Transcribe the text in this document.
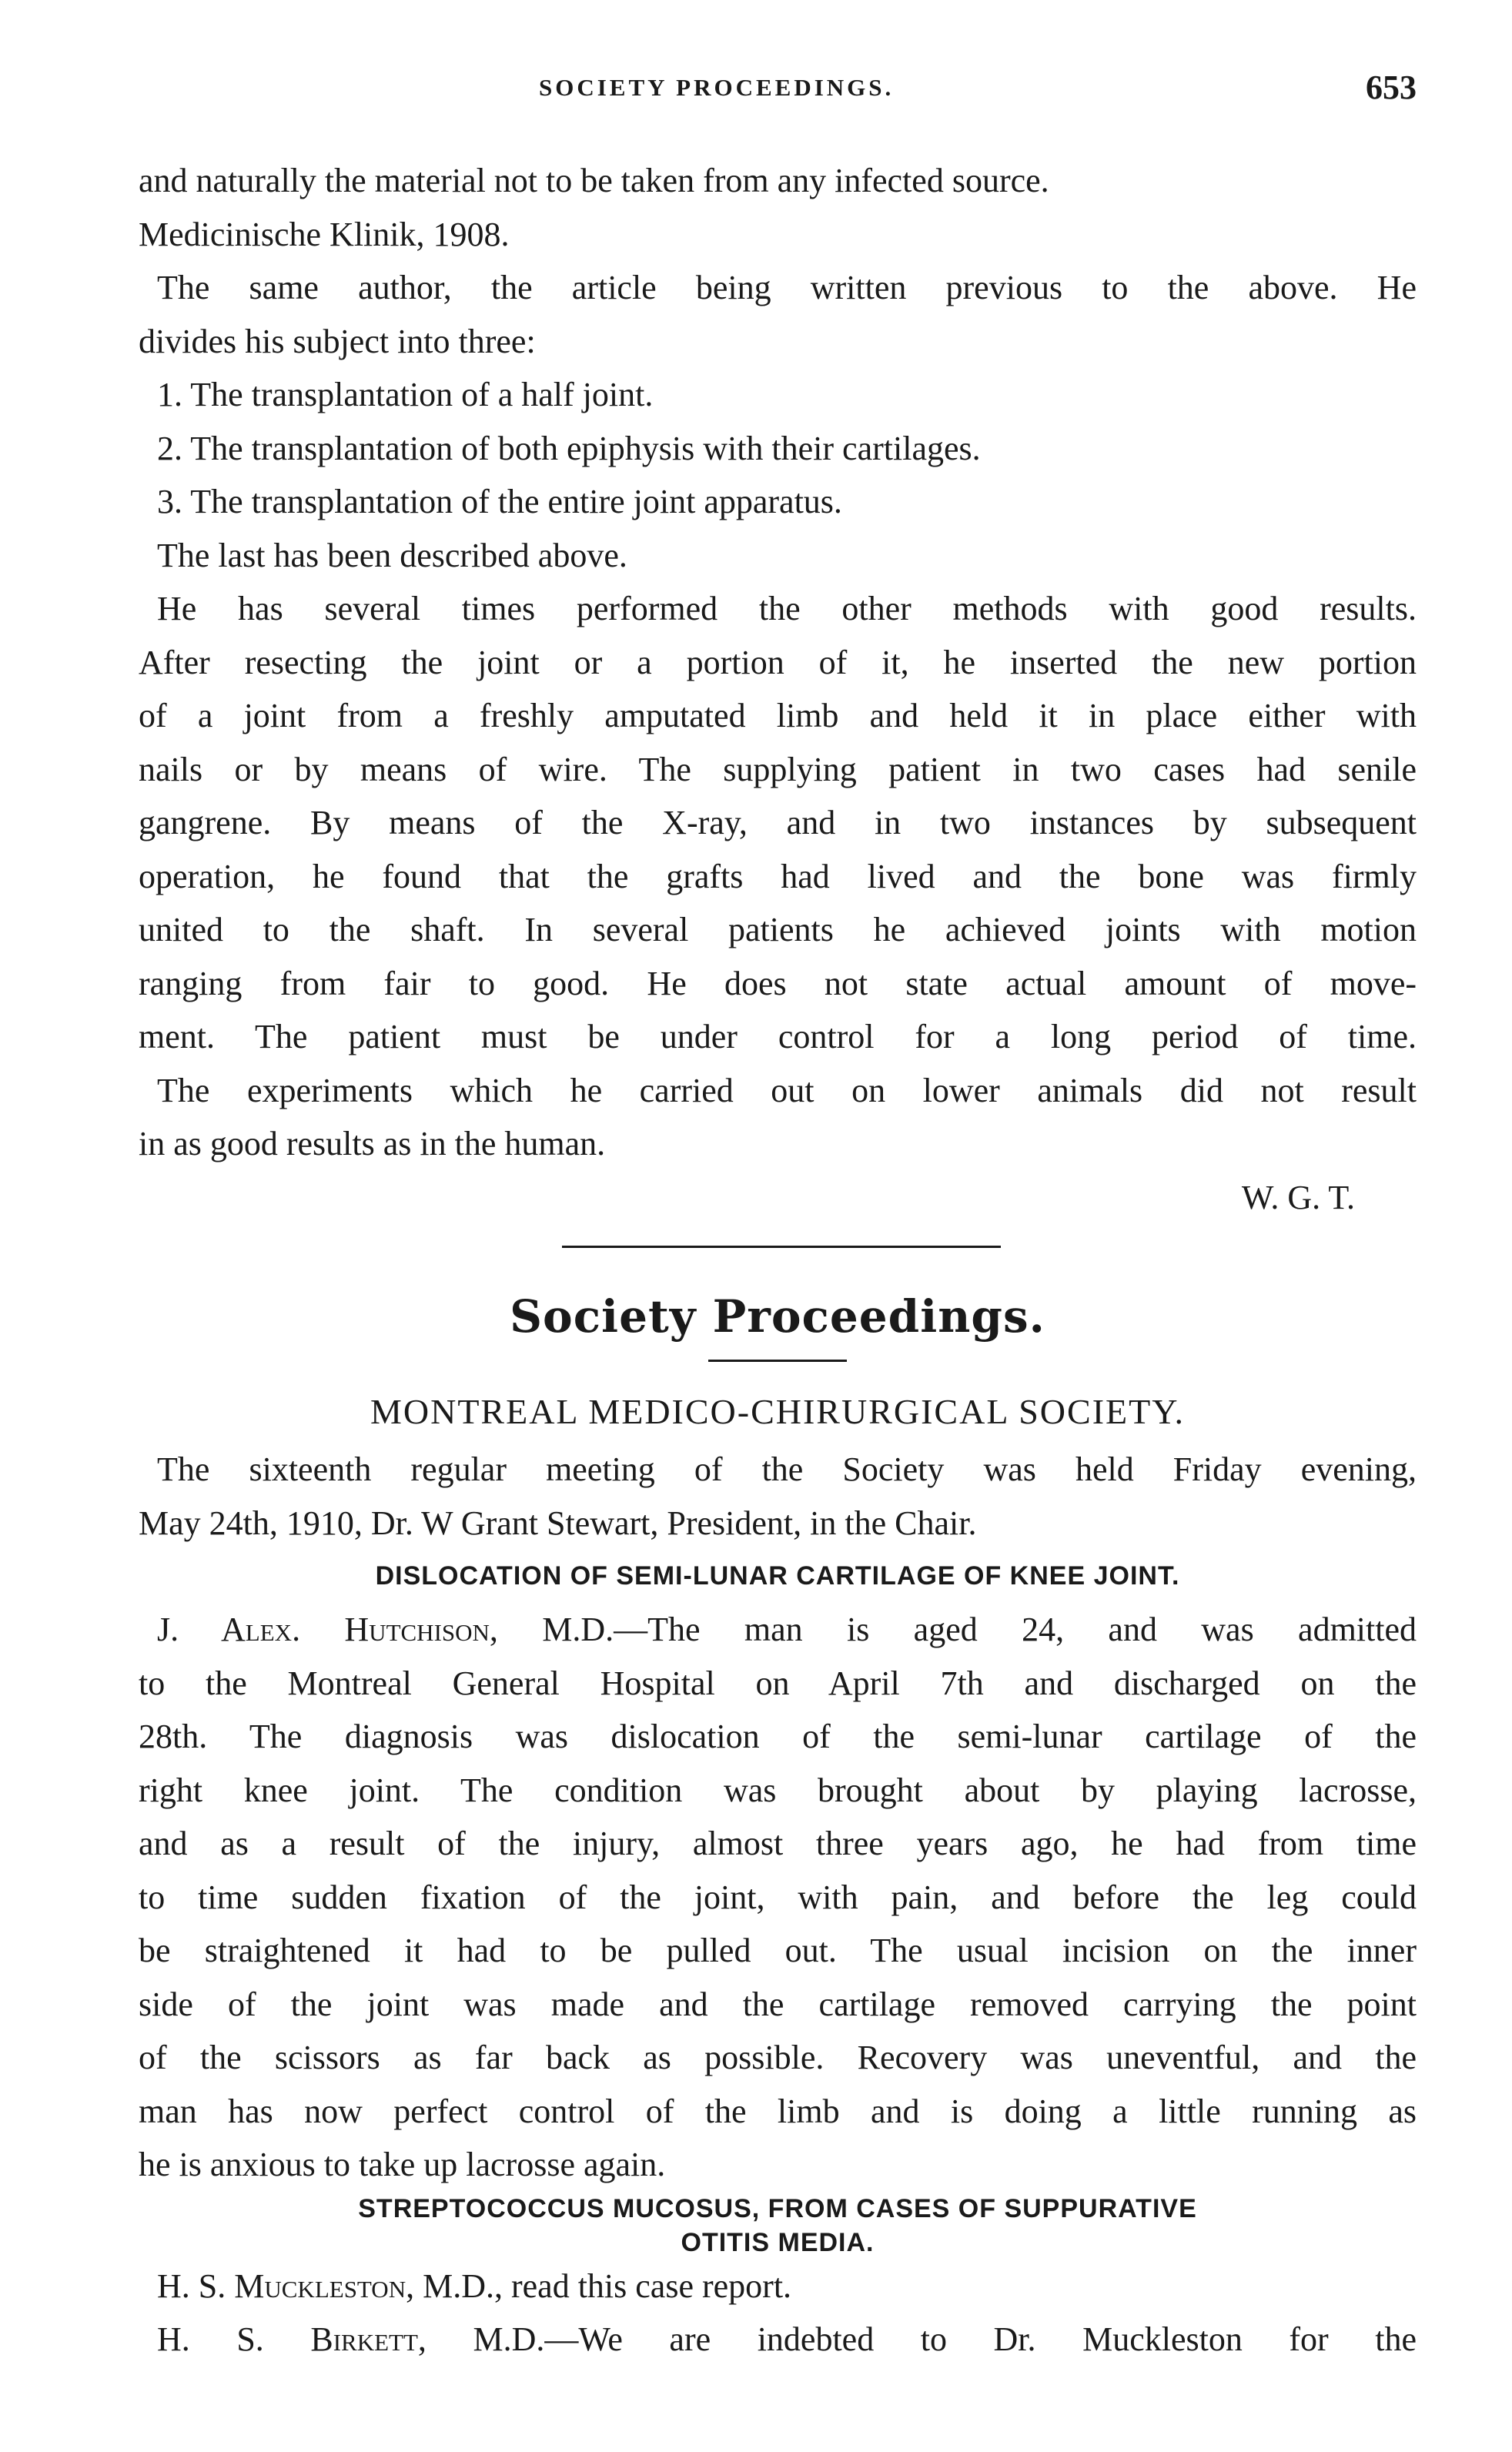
SOCIETY PROCEEDINGS.	653
and naturally the material not to be taken from any infected source.
Medicinische Klinik, 1908.
The same author, the article being written previous to the above. He
divides his subject into three:
1. The transplantation of a half joint.
2. The transplantation of both epiphysis with their cartilages.
3. The transplantation of the entire joint apparatus.
The last has been described above.
He has several times performed the other methods with good results.
After resecting the joint or a portion of it, he inserted the new portion
of a joint from a freshly amputated limb and held it in place either with
nails or by means of wire. The supplying patient in two cases had senile
gangrene. By means of the X-ray, and in two instances by subsequent
operation, he found that the grafts had lived and the bone was firmly
united to the shaft. In several patients he achieved joints with motion
ranging from fair to good. He does not state actual amount of move-
ment. The patient must be under control for a long period of time.
The experiments which he carried out on lower animals did not result
in as good results as in the human.
W. G. T.
Society Proceedings.
MONTREAL MEDICO-CHIRURGICAL SOCIETY.
The sixteenth regular meeting of the Society was held Friday evening,
May 24th, 1910, Dr. W Grant Stewart, President, in the Chair.
DISLOCATION OF SEMI-LUNAR CARTILAGE OF KNEE JOINT.
J. Alex. Hutchison, M.D.—The man is aged 24, and was admitted
to the Montreal General Hospital on April 7th and discharged on the
28th. The diagnosis was dislocation of the semi-lunar cartilage of the
right knee joint. The condition was brought about by playing lacrosse,
and as a result of the injury, almost three years ago, he had from time
to time sudden fixation of the joint, with pain, and before the leg could
be straightened it had to be pulled out. The usual incision on the inner
side of the joint was made and the cartilage removed carrying the point
of the scissors as far back as possible. Recovery was uneventful, and the
man has now perfect control of the limb and is doing a little running as
he is anxious to take up lacrosse again.
STREPTOCOCCUS MUCOSUS, FROM CASES OF SUPPURATIVE
OTITIS MEDIA.
H. S. Muckleston, M.D., read this case report.
H. S. Birkett, M.D.—We are indebted to Dr. Muckleston for the
